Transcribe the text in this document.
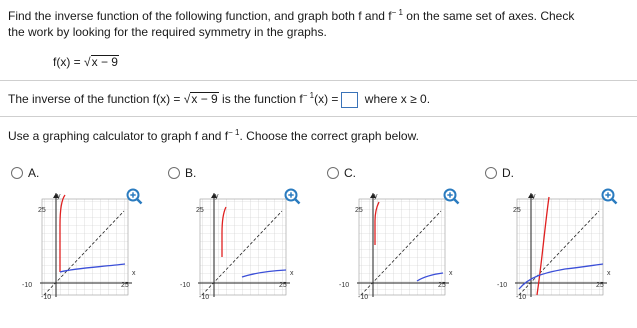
Find the inverse function of the following function, and graph both f and $f^{- 1}$ on the same set of axes. Check
the work by looking for the required symmetry in the graphs.
f(x) = √x − 9
The inverse of the function f(x) = √x − 9 is the function $f^{- 1}(x)$ = where x ≥ 0.
Use a graphing calculator to graph f and $f^{- 1}$. Choose the correct graph below.
A.
y
x
25
25
-10
-10
B.
y
x
25
25
-10
-10
C.
y
x
25
25
-10
-10
D.
y
x
25
25
-10
-10
